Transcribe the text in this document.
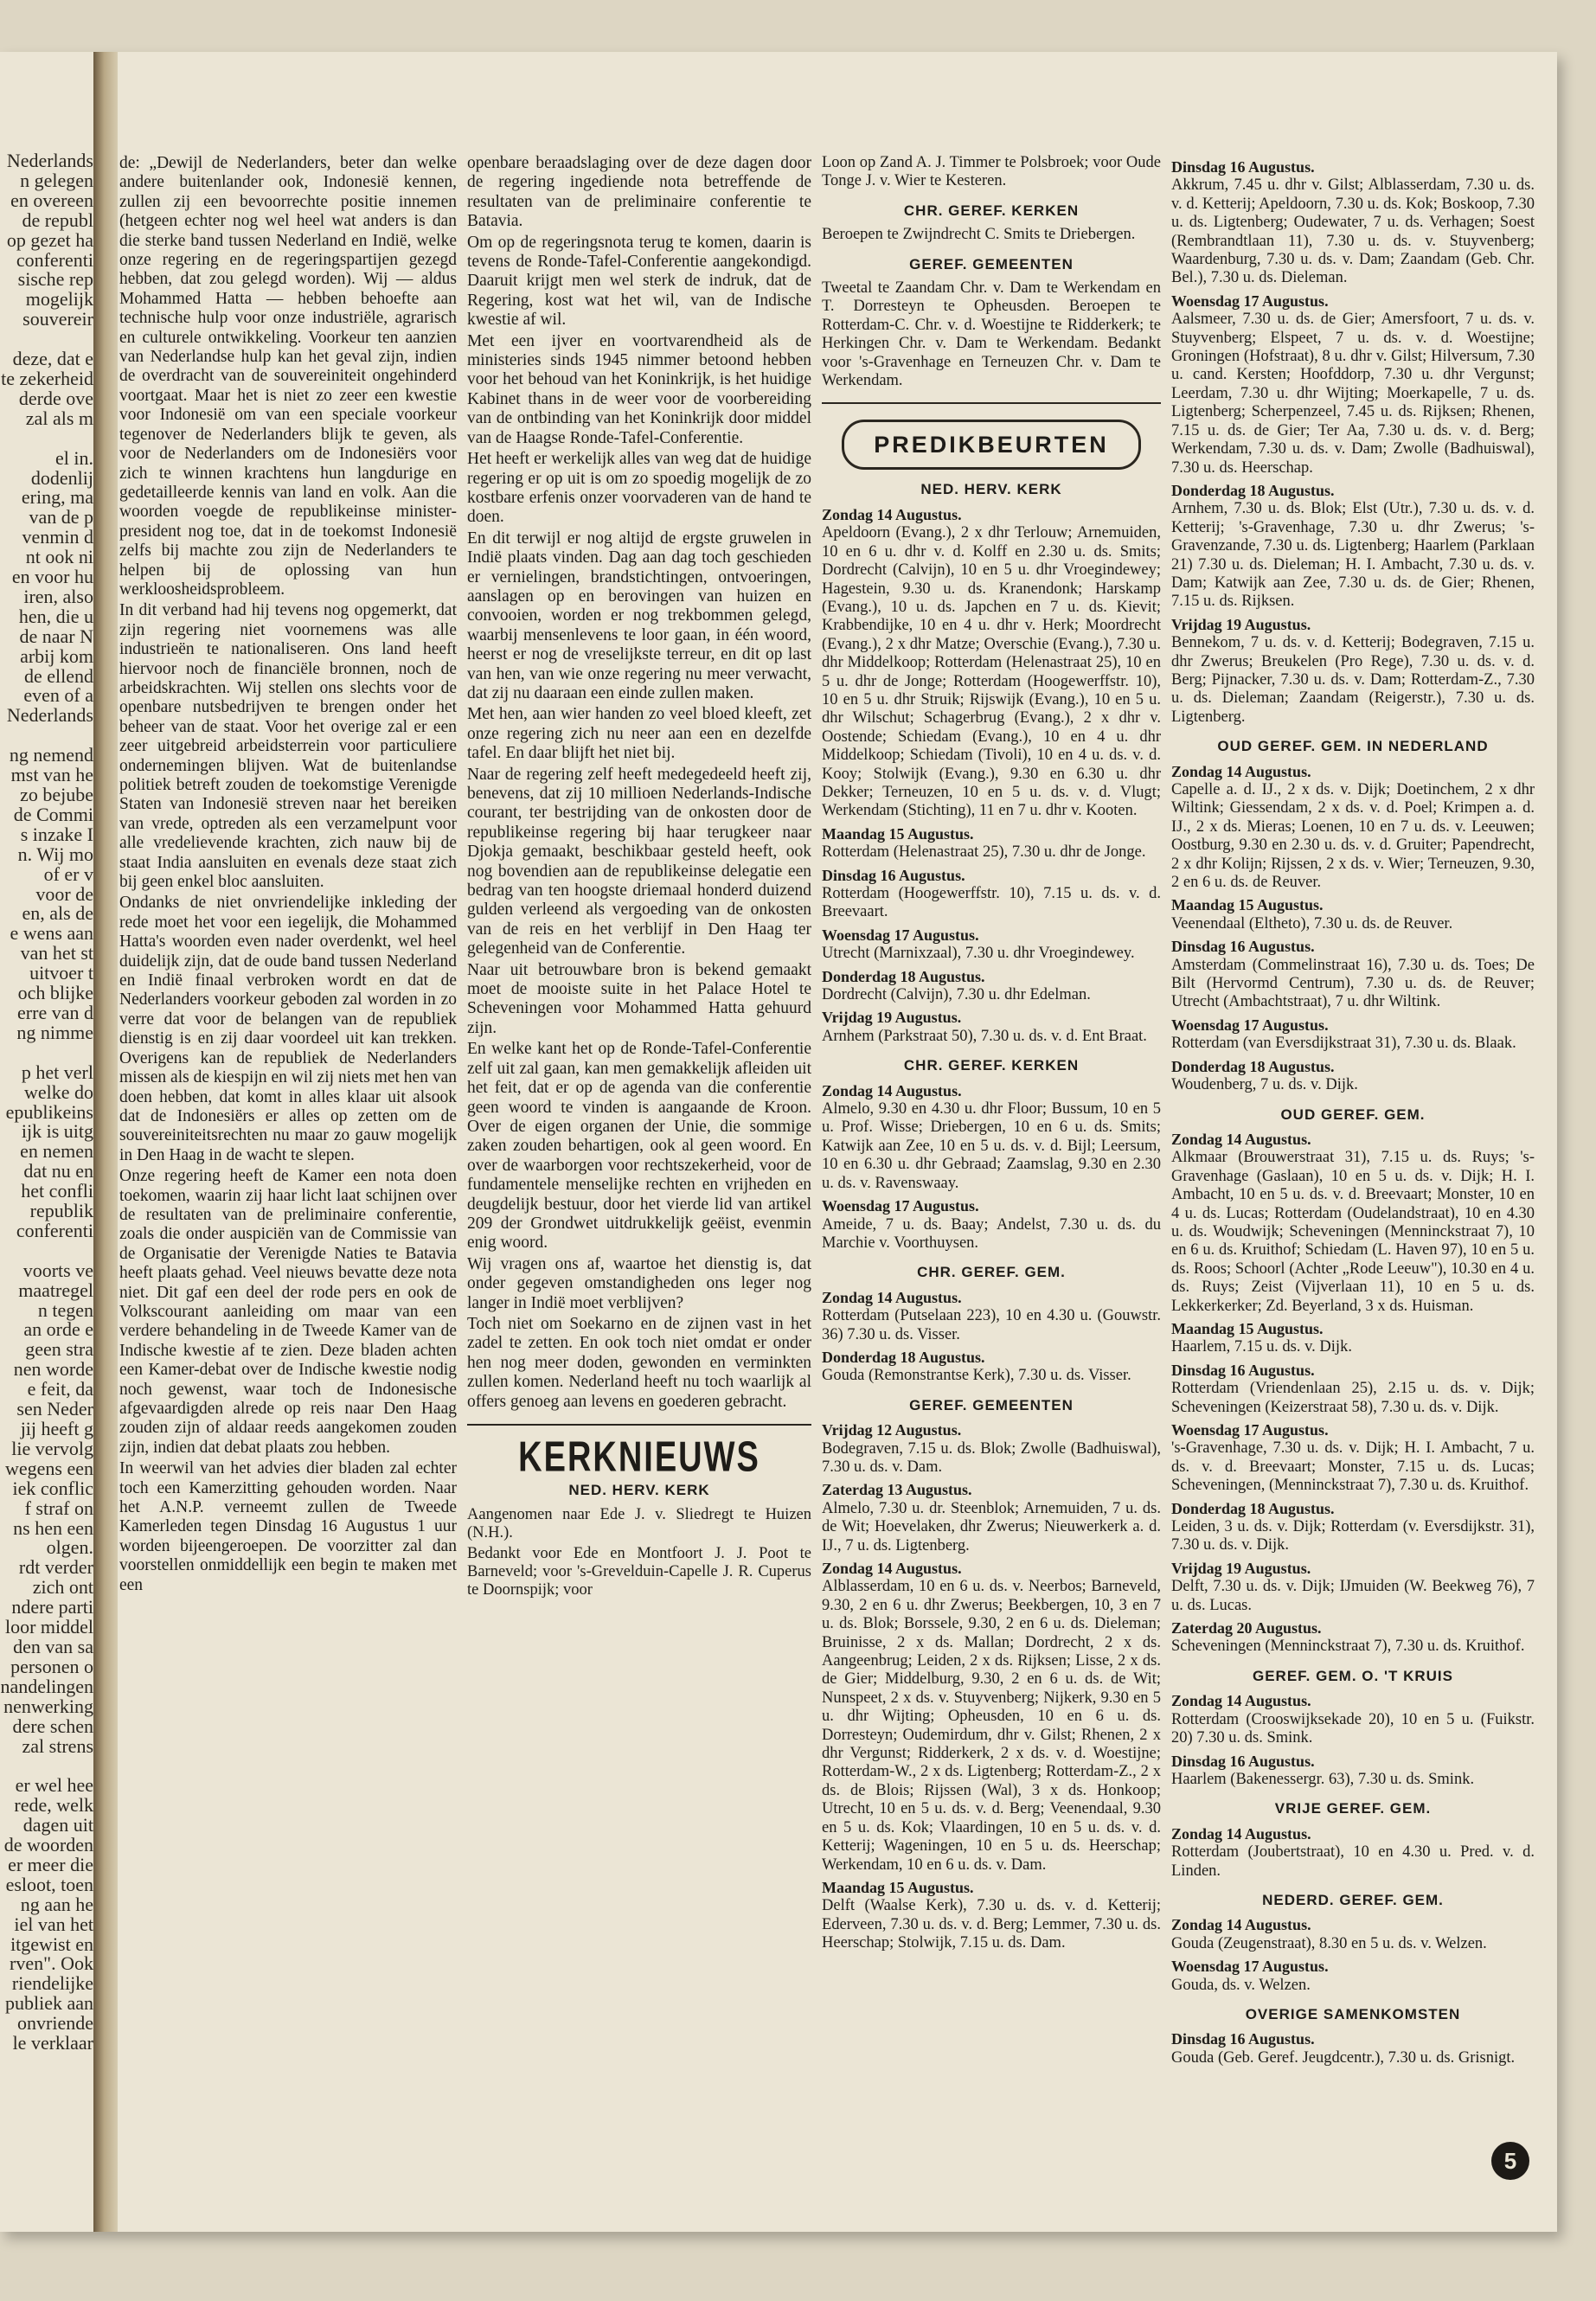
Nederlands
n gelegen
en overeen
de republ
op gezet ha
conferenti
sische rep
mogelijk
souvereir

deze, dat e
te zekerheid
derde ove
zal als m

el in.
dodenlij
ering, ma
van de p
venmin d
nt ook ni
en voor hu
iren, also
hen, die u
de naar N
arbij kom
de ellend
even of a
Nederlands

ng nemend
mst van he
zo bejube
de Commi
s inzake I
n. Wij mo
of er v
voor de
en, als de
e wens aan
van het st
uitvoer t
och blijke
erre van d
ng nimme

p het verl
welke do
epublikeins
ijk is uitg
en nemen
dat nu en
het confli
republik
conferenti

voorts ve
maatregel
n tegen
an orde e
geen stra
nen worde
e feit, da
sen Neder
jij heeft g
lie vervolg
wegens een
iek conflic
f straf on
ns hen een
olgen.
rdt verder
zich ont
ndere parti
loor middel
den van sa
personen o
nandelingen
nenwerking
dere schen
zal strens

er wel hee
rede, welk
dagen uit
de woorden
er meer die
esloot, toen
ng aan he
iel van het
itgewist en
rven". Ook
riendelijke
publiek aan
onvriende
le verklaar

de: „Dewijl de Nederlanders, beter dan welke andere buitenlander ook, Indonesië kennen, zullen zij een bevoorrechte positie innemen (hetgeen echter nog wel heel wat anders is dan die sterke band tussen Nederland en Indië, welke onze regering en de regeringspartijen gezegd hebben, dat zou gelegd worden). Wij — aldus Mohammed Hatta — hebben behoefte aan technische hulp voor onze industriële, agrarisch en culturele ontwikkeling. Voorkeur ten aanzien van Nederlandse hulp kan het geval zijn, indien de overdracht van de souvereiniteit ongehinderd voortgaat. Maar het is niet zo zeer een kwestie voor Indonesië om van een speciale voorkeur tegenover de Nederlanders blijk te geven, als voor de Nederlanders om de Indonesiërs voor zich te winnen krachtens hun langdurige en gedetailleerde kennis van land en volk. Aan die woorden voegde de republikeinse minister-president nog toe, dat in de toekomst Indonesië zelfs bij machte zou zijn de Nederlanders te helpen bij de oplossing van hun werkloosheidsprobleem.

In dit verband had hij tevens nog opgemerkt, dat zijn regering niet voornemens was alle industrieën te nationaliseren. Ons land heeft hiervoor noch de financiële bronnen, noch de arbeidskrachten. Wij stellen ons slechts voor de openbare nutsbedrijven te brengen onder het beheer van de staat. Voor het overige zal er een zeer uitgebreid arbeidsterrein voor particuliere ondernemingen blijven. Wat de buitenlandse politiek betreft zouden de toekomstige Verenigde Staten van Indonesië streven naar het bereiken van vrede, optreden als een verzamelpunt voor alle vredelievende krachten, zich nauw bij de staat India aansluiten en evenals deze staat zich bij geen enkel bloc aansluiten.

Ondanks de niet onvriendelijke inkleding der rede moet het voor een iegelijk, die Mohammed Hatta's woorden even nader overdenkt, wel heel duidelijk zijn, dat de oude band tussen Nederland en Indië finaal verbroken wordt en dat de Nederlanders voorkeur geboden zal worden in zo verre dat voor de belangen van de republiek dienstig is en zij daar voordeel uit kan trekken. Overigens kan de republiek de Nederlanders missen als de kiespijn en wil zij niets met hen van doen hebben, dat komt in alles klaar uit alsook dat de Indonesiërs er alles op zetten om de souvereiniteitsrechten nu maar zo gauw mogelijk in Den Haag in de wacht te slepen.

Onze regering heeft de Kamer een nota doen toekomen, waarin zij haar licht laat schijnen over de resultaten van de preliminaire conferentie, zoals die onder auspiciën van de Commissie van de Organisatie der Verenigde Naties te Batavia heeft plaats gehad. Veel nieuws bevatte deze nota niet. Dit gaf een deel der rode pers en ook de Volkscourant aanleiding om maar van een verdere behandeling in de Tweede Kamer van de Indische kwestie af te zien. Deze bladen achten een Kamer-debat over de Indische kwestie nodig noch gewenst, waar toch de Indonesische afgevaardigden alrede op reis naar Den Haag zouden zijn of aldaar reeds aangekomen zouden zijn, indien dat debat plaats zou hebben.

In weerwil van het advies dier bladen zal echter toch een Kamerzitting gehouden worden. Naar het A.N.P. verneemt zullen de Tweede Kamerleden tegen Dinsdag 16 Augustus 1 uur worden bijeengeroepen. De voorzitter zal dan voorstellen onmiddellijk een begin te maken met een

openbare beraadslaging over de deze dagen door de regering ingediende nota betreffende de resultaten van de preliminaire conferentie te Batavia.

Om op de regeringsnota terug te komen, daarin is tevens de Ronde-Tafel-Conferentie aangekondigd. Daaruit krijgt men wel sterk de indruk, dat de Regering, kost wat het wil, van de Indische kwestie af wil.

Met een ijver en voortvarendheid als de ministeries sinds 1945 nimmer betoond hebben voor het behoud van het Koninkrijk, is het huidige Kabinet thans in de weer voor de voorbereiding van de ontbinding van het Koninkrijk door middel van de Haagse Ronde-Tafel-Conferentie.

Het heeft er werkelijk alles van weg dat de huidige regering er op uit is om zo spoedig mogelijk de zo kostbare erfenis onzer voorvaderen van de hand te doen.

En dit terwijl er nog altijd de ergste gruwelen in Indië plaats vinden. Dag aan dag toch geschieden er vernielingen, brandstichtingen, ontvoeringen, aanslagen op en berovingen van huizen en convooien, worden er nog trekbommen gelegd, waarbij mensenlevens te loor gaan, in één woord, heerst er nog de vreselijkste terreur, en dit op last van hen, van wie onze regering nu meer verwacht, dat zij nu daaraan een einde zullen maken.

Met hen, aan wier handen zo veel bloed kleeft, zet onze regering zich nu neer aan een en dezelfde tafel. En daar blijft het niet bij.

Naar de regering zelf heeft medegedeeld heeft zij, benevens, dat zij 10 millioen Nederlands-Indische courant, ter bestrijding van de onkosten door de republikeinse regering bij haar terugkeer naar Djokja gemaakt, beschikbaar gesteld heeft, ook nog bovendien aan de republikeinse delegatie een bedrag van ten hoogste driemaal honderd duizend gulden verleend als vergoeding van de onkosten van de reis en het verblijf in Den Haag ter gelegenheid van de Conferentie.

Naar uit betrouwbare bron is bekend gemaakt moet de mooiste suite in het Palace Hotel te Scheveningen voor Mohammed Hatta gehuurd zijn.

En welke kant het op de Ronde-Tafel-Conferentie zelf uit zal gaan, kan men gemakkelijk afleiden uit het feit, dat er op de agenda van die conferentie geen woord te vinden is aangaande de Kroon. Over de eigen organen der Unie, die sommige zaken zouden behartigen, ook al geen woord. En over de waarborgen voor rechtszekerheid, voor de fundamentele menselijke rechten en vrijheden en deugdelijk bestuur, door het vierde lid van artikel 209 der Grondwet uitdrukkelijk geëist, evenmin enig woord.

Wij vragen ons af, waartoe het dienstig is, dat onder gegeven omstandigheden ons leger nog langer in Indië moet verblijven?

Toch niet om Soekarno en de zijnen vast in het zadel te zetten. En ook toch niet omdat er onder hen nog meer doden, gewonden en verminkten zullen komen. Nederland heeft nu toch waarlijk al offers genoeg aan levens en goederen gebracht.

KERKNIEUWS
NED. HERV. KERK

Aangenomen naar Ede J. v. Sliedregt te Huizen (N.H.).

Bedankt voor Ede en Montfoort J. J. Poot te Barneveld; voor 's-Grevelduin-Capelle J. R. Cuperus te Doornspijk; voor

Loon op Zand A. J. Timmer te Polsbroek; voor Oude Tonge J. v. Wier te Kesteren.

CHR. GEREF. KERKEN

Beroepen te Zwijndrecht C. Smits te Driebergen.

GEREF. GEMEENTEN

Tweetal te Zaandam Chr. v. Dam te Werkendam en T. Dorresteyn te Opheusden. Beroepen te Rotterdam-C. Chr. v. d. Woestijne te Ridderkerk; te Herkingen Chr. v. Dam te Werkendam. Bedankt voor 's-Gravenhage en Terneuzen Chr. v. Dam te Werkendam.

PREDIKBEURTEN
NED. HERV. KERK
Zondag 14 Augustus.

Apeldoorn (Evang.), 2 x dhr Terlouw; Arnemuiden, 10 en 6 u. dhr v. d. Kolff en 2.30 u. ds. Smits; Dordrecht (Calvijn), 10 en 5 u. dhr Vroegindewey; Hagestein, 9.30 u. ds. Kranendonk; Harskamp (Evang.), 10 u. ds. Japchen en 7 u. ds. Kievit; Krabbendijke, 10 en 4 u. dhr v. Herk; Moordrecht (Evang.), 2 x dhr Matze; Overschie (Evang.), 7.30 u. dhr Middelkoop; Rotterdam (Helenastraat 25), 10 en 5 u. dhr de Jonge; Rotterdam (Hoogewerffstr. 10), 10 en 5 u. dhr Struik; Rijswijk (Evang.), 10 en 5 u. dhr Wilschut; Schagerbrug (Evang.), 2 x dhr v. Oostende; Schiedam (Evang.), 10 en 4 u. dhr Middelkoop; Schiedam (Tivoli), 10 en 4 u. ds. v. d. Kooy; Stolwijk (Evang.), 9.30 en 6.30 u. dhr Dekker; Terneuzen, 10 en 5 u. ds. v. d. Vlugt; Werkendam (Stichting), 11 en 7 u. dhr v. Kooten.

Maandag 15 Augustus.

Rotterdam (Helenastraat 25), 7.30 u. dhr de Jonge.

Dinsdag 16 Augustus.

Rotterdam (Hoogewerffstr. 10), 7.15 u. ds. v. d. Breevaart.

Woensdag 17 Augustus.

Utrecht (Marnixzaal), 7.30 u. dhr Vroegindewey.

Donderdag 18 Augustus.

Dordrecht (Calvijn), 7.30 u. dhr Edelman.

Vrijdag 19 Augustus.

Arnhem (Parkstraat 50), 7.30 u. ds. v. d. Ent Braat.

CHR. GEREF. KERKEN
Zondag 14 Augustus.

Almelo, 9.30 en 4.30 u. dhr Floor; Bussum, 10 en 5 u. Prof. Wisse; Driebergen, 10 en 6 u. ds. Smits; Katwijk aan Zee, 10 en 5 u. ds. v. d. Bijl; Leersum, 10 en 6.30 u. dhr Gebraad; Zaamslag, 9.30 en 2.30 u. ds. v. Ravenswaay.

Woensdag 17 Augustus.

Ameide, 7 u. ds. Baay; Andelst, 7.30 u. ds. du Marchie v. Voorthuysen.

CHR. GEREF. GEM.
Zondag 14 Augustus.

Rotterdam (Putselaan 223), 10 en 4.30 u. (Gouwstr. 36) 7.30 u. ds. Visser.

Donderdag 18 Augustus.

Gouda (Remonstrantse Kerk), 7.30 u. ds. Visser.

GEREF. GEMEENTEN
Vrijdag 12 Augustus.

Bodegraven, 7.15 u. ds. Blok; Zwolle (Badhuiswal), 7.30 u. ds. v. Dam.

Zaterdag 13 Augustus.

Almelo, 7.30 u. dr. Steenblok; Arnemuiden, 7 u. ds. de Wit; Hoevelaken, dhr Zwerus; Nieuwerkerk a. d. IJ., 7 u. ds. Ligtenberg.

Zondag 14 Augustus.

Alblasserdam, 10 en 6 u. ds. v. Neerbos; Barneveld, 9.30, 2 en 6 u. dhr Zwerus; Beekbergen, 10, 3 en 7 u. ds. Blok; Borssele, 9.30, 2 en 6 u. ds. Dieleman; Bruinisse, 2 x ds. Mallan; Dordrecht, 2 x ds. Aangeenbrug; Leiden, 2 x ds. Rijksen; Lisse, 2 x ds. de Gier; Middelburg, 9.30, 2 en 6 u. ds. de Wit; Nunspeet, 2 x ds. v. Stuyvenberg; Nijkerk, 9.30 en 5 u. dhr Wijting; Opheusden, 10 en 6 u. ds. Dorresteyn; Oudemirdum, dhr v. Gilst; Rhenen, 2 x dhr Vergunst; Ridderkerk, 2 x ds. v. d. Woestijne; Rotterdam-W., 2 x ds. Ligtenberg; Rotterdam-Z., 2 x ds. de Blois; Rijssen (Wal), 3 x ds. Honkoop; Utrecht, 10 en 5 u. ds. v. d. Berg; Veenendaal, 9.30 en 5 u. ds. Kok; Vlaardingen, 10 en 5 u. ds. v. d. Ketterij; Wageningen, 10 en 5 u. ds. Heerschap; Werkendam, 10 en 6 u. ds. v. Dam.

Maandag 15 Augustus.

Delft (Waalse Kerk), 7.30 u. ds. v. d. Ketterij; Ederveen, 7.30 u. ds. v. d. Berg; Lemmer, 7.30 u. ds. Heerschap; Stolwijk, 7.15 u. ds. Dam.

Dinsdag 16 Augustus.

Akkrum, 7.45 u. dhr v. Gilst; Alblasserdam, 7.30 u. ds. v. d. Ketterij; Apeldoorn, 7.30 u. ds. Kok; Boskoop, 7.30 u. ds. Ligtenberg; Oudewater, 7 u. ds. Verhagen; Soest (Rembrandtlaan 11), 7.30 u. ds. v. Stuyvenberg; Waardenburg, 7.30 u. ds. v. Dam; Zaandam (Geb. Chr. Bel.), 7.30 u. ds. Dieleman.

Woensdag 17 Augustus.

Aalsmeer, 7.30 u. ds. de Gier; Amersfoort, 7 u. ds. v. Stuyvenberg; Elspeet, 7 u. ds. v. d. Woestijne; Groningen (Hofstraat), 8 u. dhr v. Gilst; Hilversum, 7.30 u. cand. Kersten; Hoofddorp, 7.30 u. dhr Vergunst; Leerdam, 7.30 u. dhr Wijting; Moerkapelle, 7 u. ds. Ligtenberg; Scherpenzeel, 7.45 u. ds. Rijksen; Rhenen, 7.15 u. ds. de Gier; Ter Aa, 7.30 u. ds. v. d. Berg; Werkendam, 7.30 u. ds. v. Dam; Zwolle (Badhuiswal), 7.30 u. ds. Heerschap.

Donderdag 18 Augustus.

Arnhem, 7.30 u. ds. Blok; Elst (Utr.), 7.30 u. ds. v. d. Ketterij; 's-Gravenhage, 7.30 u. dhr Zwerus; 's-Gravenzande, 7.30 u. ds. Ligtenberg; Haarlem (Parklaan 21) 7.30 u. ds. Dieleman; H. I. Ambacht, 7.30 u. ds. v. Dam; Katwijk aan Zee, 7.30 u. ds. de Gier; Rhenen, 7.15 u. ds. Rijksen.

Vrijdag 19 Augustus.

Bennekom, 7 u. ds. v. d. Ketterij; Bodegraven, 7.15 u. dhr Zwerus; Breukelen (Pro Rege), 7.30 u. ds. v. d. Berg; Pijnacker, 7.30 u. ds. v. Dam; Rotterdam-Z., 7.30 u. ds. Dieleman; Zaandam (Reigerstr.), 7.30 u. ds. Ligtenberg.

OUD GEREF. GEM. IN NEDERLAND
Zondag 14 Augustus.

Capelle a. d. IJ., 2 x ds. v. Dijk; Doetinchem, 2 x dhr Wiltink; Giessendam, 2 x ds. v. d. Poel; Krimpen a. d. IJ., 2 x ds. Mieras; Loenen, 10 en 7 u. ds. v. Leeuwen; Oostburg, 9.30 en 2.30 u. ds. v. d. Gruiter; Papendrecht, 2 x dhr Kolijn; Rijssen, 2 x ds. v. Wier; Terneuzen, 9.30, 2 en 6 u. ds. de Reuver.

Maandag 15 Augustus.

Veenendaal (Eltheto), 7.30 u. ds. de Reuver.

Dinsdag 16 Augustus.

Amsterdam (Commelinstraat 16), 7.30 u. ds. Toes; De Bilt (Hervormd Centrum), 7.30 u. ds. de Reuver; Utrecht (Ambachtstraat), 7 u. dhr Wiltink.

Woensdag 17 Augustus.

Rotterdam (van Eversdijkstraat 31), 7.30 u. ds. Blaak.

Donderdag 18 Augustus.

Woudenberg, 7 u. ds. v. Dijk.

OUD GEREF. GEM.
Zondag 14 Augustus.

Alkmaar (Brouwerstraat 31), 7.15 u. ds. Ruys; 's-Gravenhage (Gaslaan), 10 en 5 u. ds. v. Dijk; H. I. Ambacht, 10 en 5 u. ds. v. d. Breevaart; Monster, 10 en 4 u. ds. Lucas; Rotterdam (Oudelandstraat), 10 en 4.30 u. ds. Woudwijk; Scheveningen (Menninckstraat 7), 10 en 6 u. ds. Kruithof; Schiedam (L. Haven 97), 10 en 5 u. ds. Roos; Schoorl (Achter „Rode Leeuw"), 10.30 en 4 u. ds. Ruys; Zeist (Vijverlaan 11), 10 en 5 u. ds. Lekkerkerker; Zd. Beyerland, 3 x ds. Huisman.

Maandag 15 Augustus.

Haarlem, 7.15 u. ds. v. Dijk.

Dinsdag 16 Augustus.

Rotterdam (Vriendenlaan 25), 2.15 u. ds. v. Dijk; Scheveningen (Keizerstraat 58), 7.30 u. ds. v. Dijk.

Woensdag 17 Augustus.

's-Gravenhage, 7.30 u. ds. v. Dijk; H. I. Ambacht, 7 u. ds. v. d. Breevaart; Monster, 7.15 u. ds. Lucas; Scheveningen, (Menninckstraat 7), 7.30 u. ds. Kruithof.

Donderdag 18 Augustus.

Leiden, 3 u. ds. v. Dijk; Rotterdam (v. Eversdijkstr. 31), 7.30 u. ds. v. Dijk.

Vrijdag 19 Augustus.

Delft, 7.30 u. ds. v. Dijk; IJmuiden (W. Beekweg 76), 7 u. ds. Lucas.

Zaterdag 20 Augustus.

Scheveningen (Menninckstraat 7), 7.30 u. ds. Kruithof.

GEREF. GEM. O. 'T KRUIS
Zondag 14 Augustus.

Rotterdam (Crooswijksekade 20), 10 en 5 u. (Fuikstr. 20) 7.30 u. ds. Smink.

Dinsdag 16 Augustus.

Haarlem (Bakenessergr. 63), 7.30 u. ds. Smink.

VRIJE GEREF. GEM.
Zondag 14 Augustus.

Rotterdam (Joubertstraat), 10 en 4.30 u. Pred. v. d. Linden.

NEDERD. GEREF. GEM.
Zondag 14 Augustus.

Gouda (Zeugenstraat), 8.30 en 5 u. ds. v. Welzen.

Woensdag 17 Augustus.

Gouda, ds. v. Welzen.

OVERIGE SAMENKOMSTEN
Dinsdag 16 Augustus.

Gouda (Geb. Geref. Jeugdcentr.), 7.30 u. ds. Grisnigt.

5
